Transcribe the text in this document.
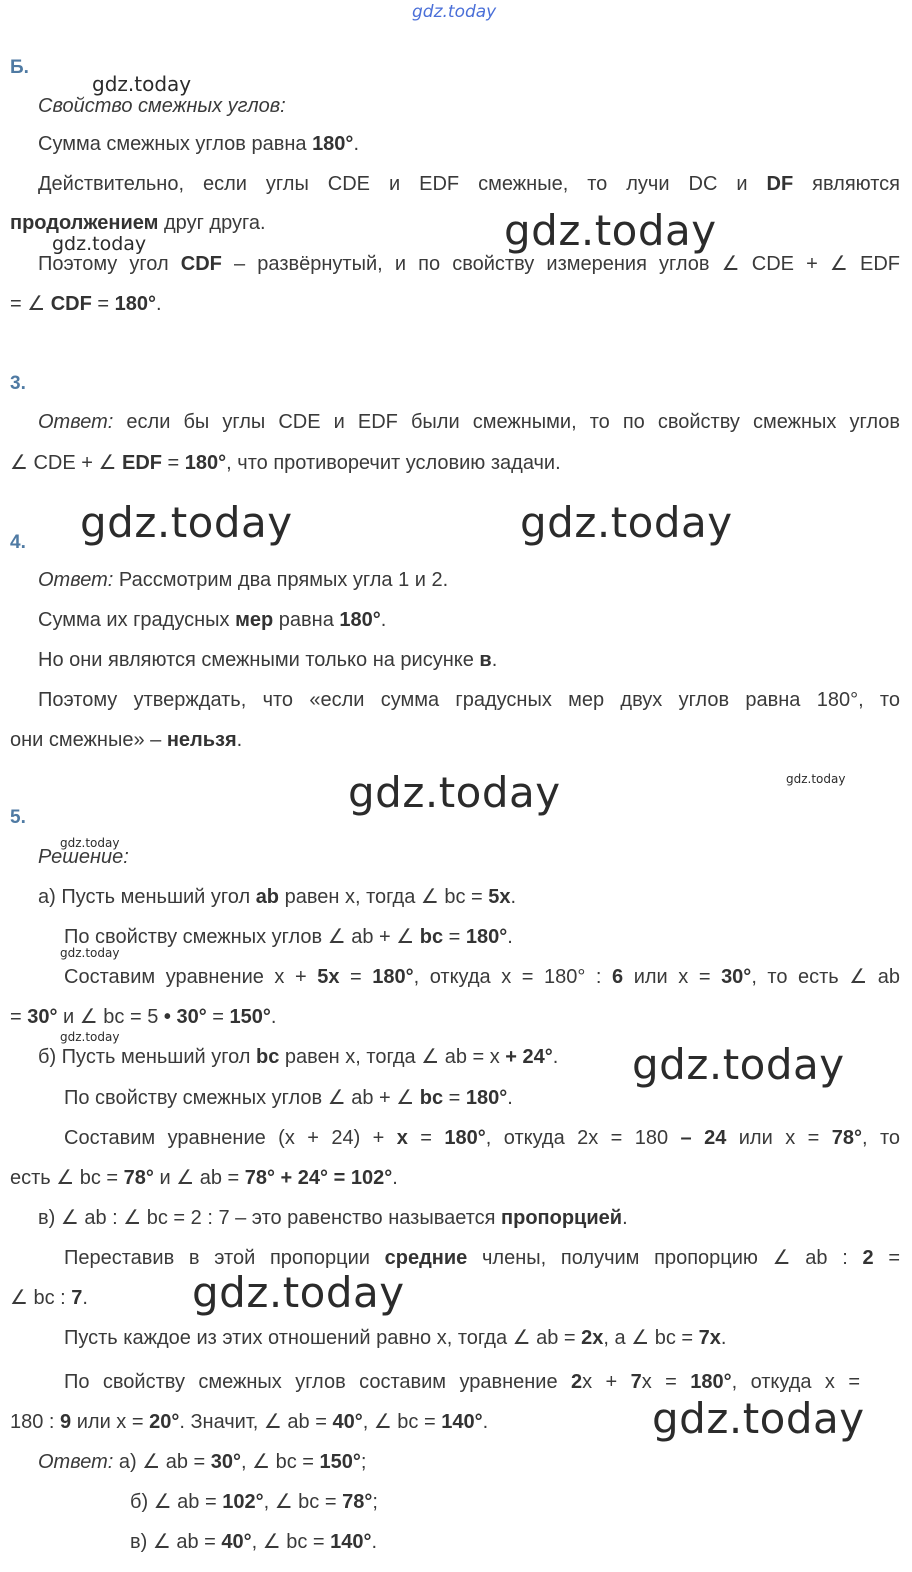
gdz.today
gdz.today
gdz.today
gdz.today
gdz.today	gdz.today
gdz.today
gdz.today
gdz.today
gdz.today
gdz.today
gdz.today
gdz.today
gdz.today
Б.
Свойство смежных углов:
Сумма смежных углов равна 180°.
Действительно, если углы CDE и EDF смежные, то лучи DC и DF являются
продолжением друг друга.
Поэтому угол CDF – развёрнутый, и по свойству измерения углов ∠ CDE + ∠ EDF
= ∠ CDF = 180°.
3.
Ответ: если бы углы CDE и EDF были смежными, то по свойству смежных углов
∠ CDE + ∠ EDF = 180°, что противоречит условию задачи.
4.
Ответ: Рассмотрим два прямых угла 1 и 2.
Сумма их градусных мер равна 180°.
Но они являются смежными только на рисунке в.
Поэтому утверждать, что «если сумма градусных мер двух углов равна 180°, то
они смежные» – нельзя.
5.
Решение:
а) Пусть меньший угол ab равен x, тогда ∠ bc = 5x.
По свойству смежных углов ∠ ab + ∠ bc = 180°.
Составим уравнение x + 5x = 180°, откуда x = 180° : 6 или x = 30°, то есть ∠ ab
= 30° и ∠ bc = 5 • 30° = 150°.
б) Пусть меньший угол bc равен x, тогда ∠ ab = x + 24°.
По свойству смежных углов ∠ ab + ∠ bc = 180°.
Составим уравнение (x + 24) + x = 180°, откуда 2x = 180 – 24 или x = 78°, то
есть ∠ bc = 78° и ∠ ab = 78° + 24° = 102°.
в) ∠ ab : ∠ bc = 2 : 7 – это равенство называется пропорцией.
Переставив в этой пропорции средние члены, получим пропорцию ∠ ab : 2 =
∠ bc : 7.
Пусть каждое из этих отношений равно x, тогда ∠ ab = 2x, а ∠ bc = 7x.
По свойству смежных углов составим уравнение 2x + 7x = 180°, откуда x =
180 : 9 или x = 20°. Значит, ∠ ab = 40°, ∠ bc = 140°.
Ответ: а) ∠ ab = 30°, ∠ bc = 150°;
б) ∠ ab = 102°, ∠ bc = 78°;
в) ∠ ab = 40°, ∠ bc = 140°.
